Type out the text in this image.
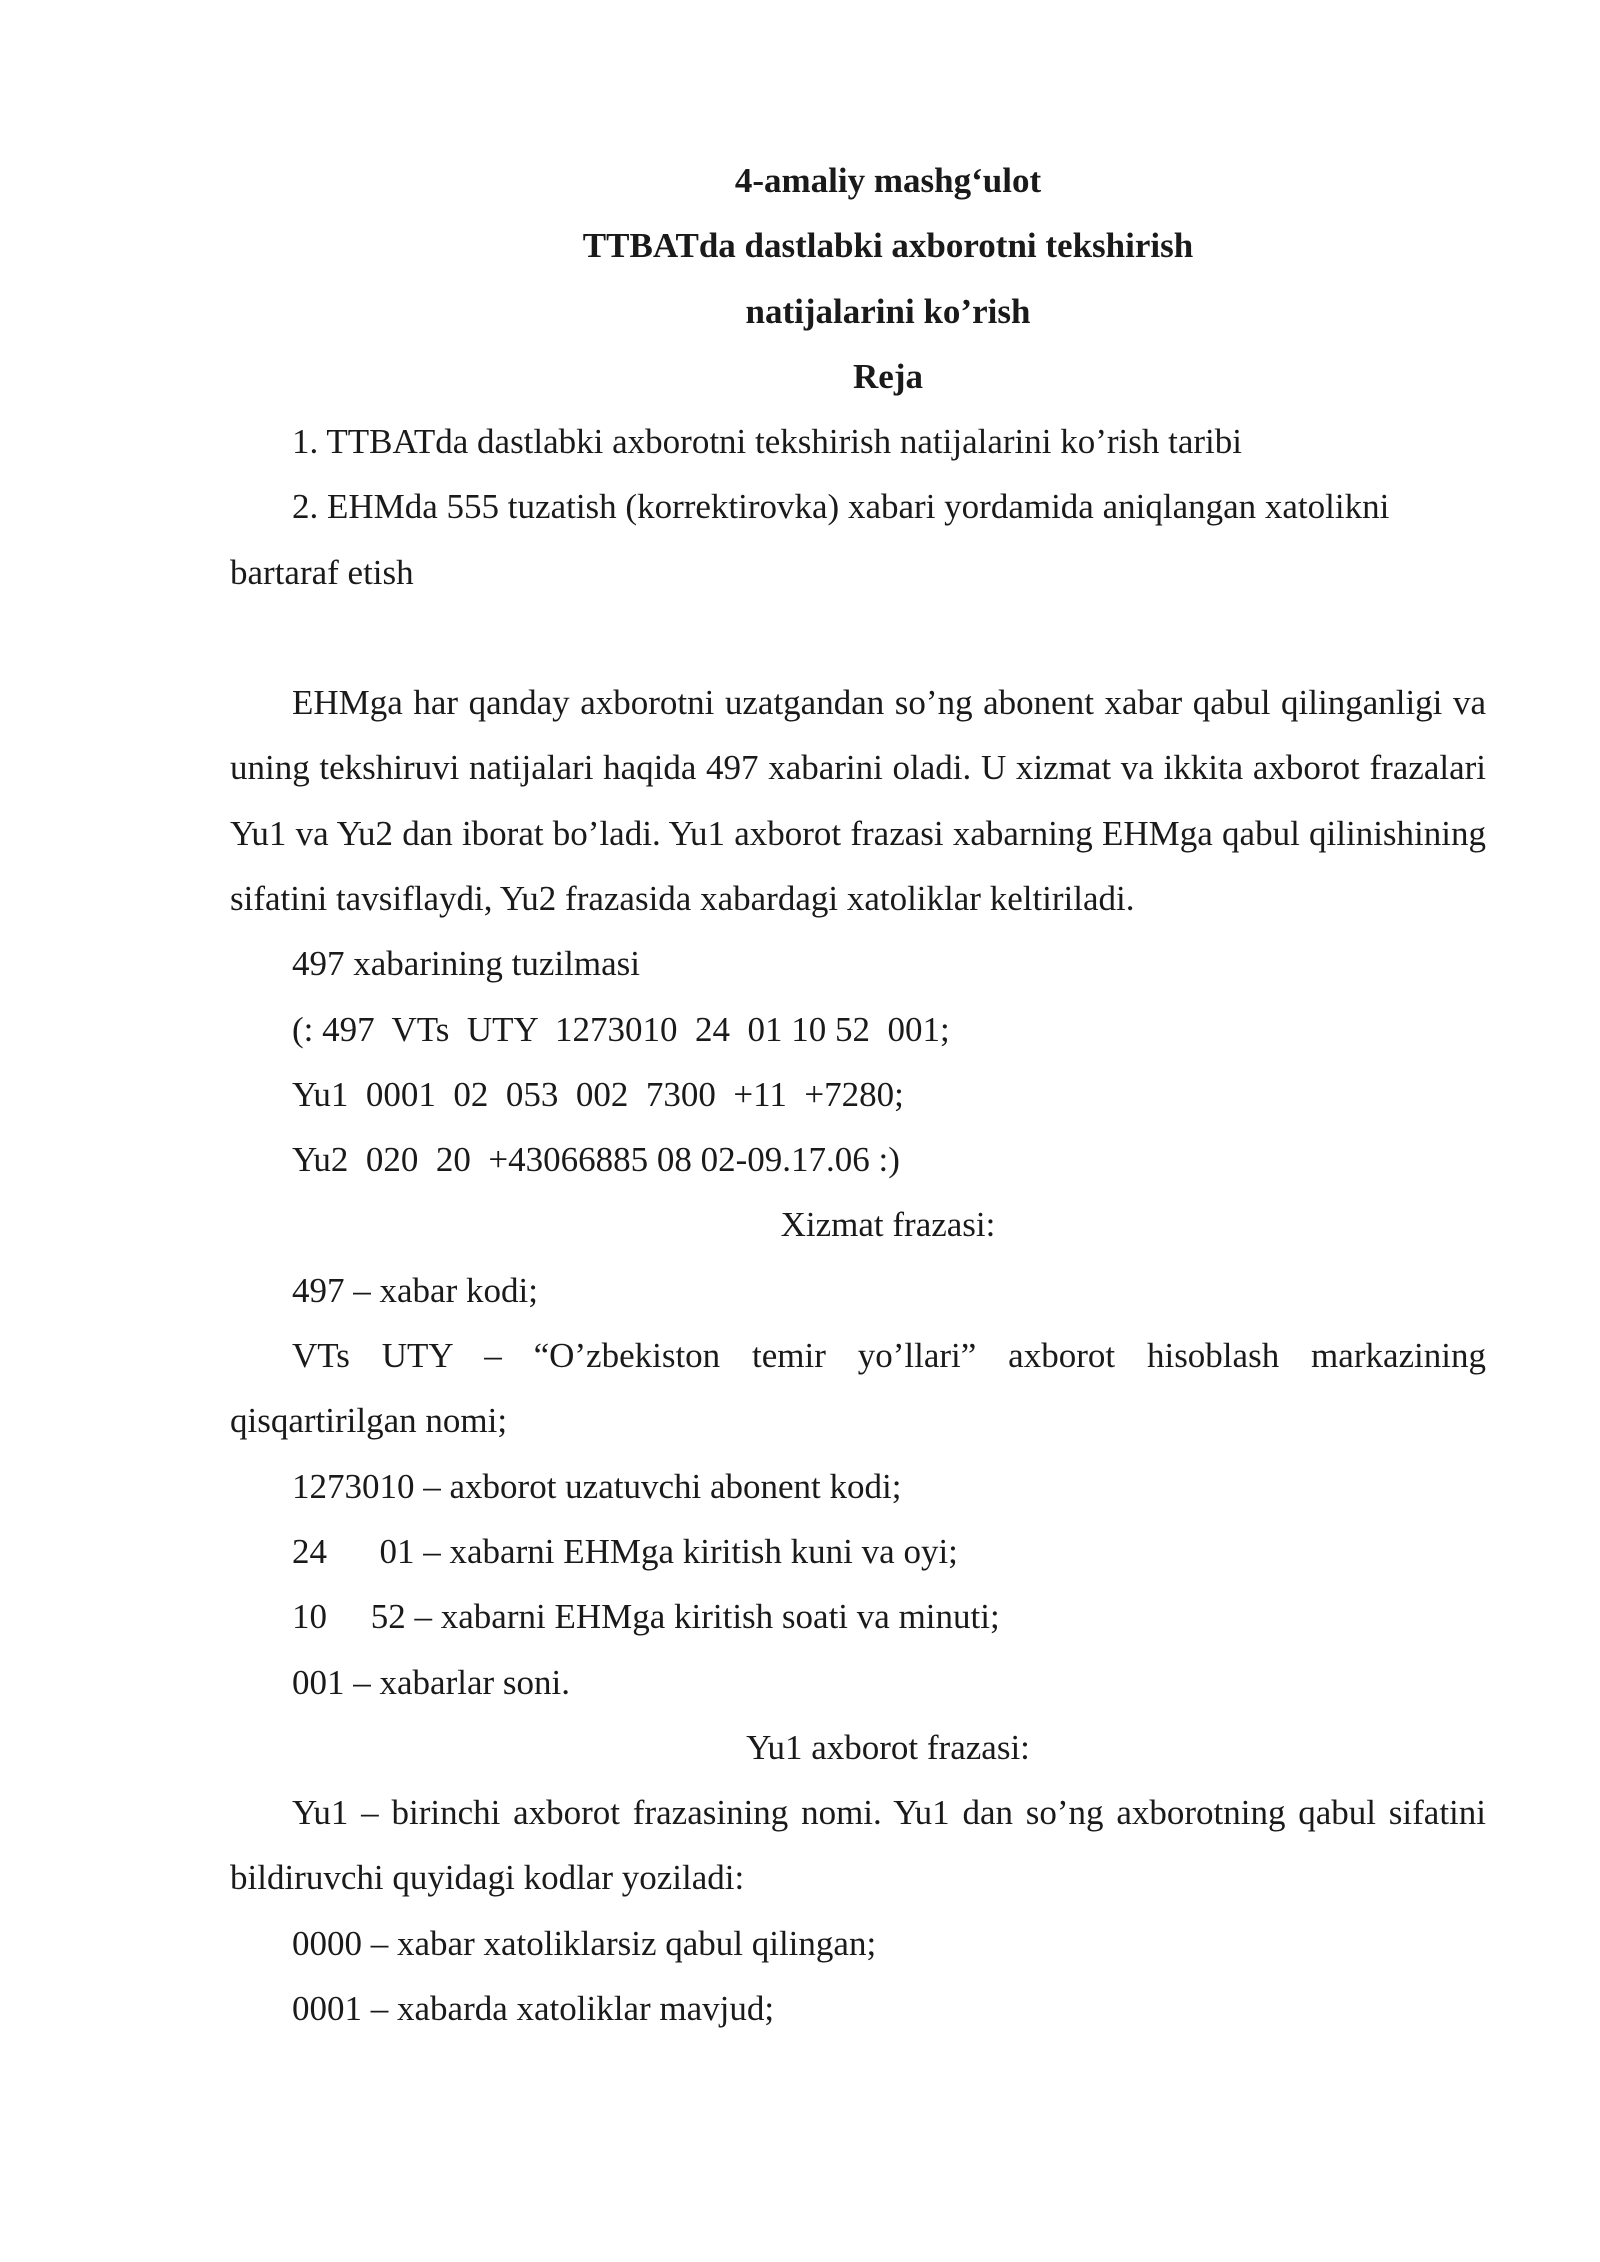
4-amaliy mashg‘ulot

TTBATda dastlabki axborotni tekshirish

natijalarini ko’rish

Reja

1. TTBATda dastlabki axborotni tekshirish natijalarini ko’rish taribi

2. EHMda 555 tuzatish (korrektirovka) xabari yordamida aniqlangan xatolikni bartaraf etish

EHMga har qanday axborotni uzatgandan so’ng abonent xabar qabul qilinganligi va uning tekshiruvi natijalari haqida 497 xabarini oladi. U xizmat va ikkita axborot frazalari Yu1 va Yu2 dan iborat bo’ladi. Yu1 axborot frazasi xabarning EHMga qabul qilinishining sifatini tavsiflaydi, Yu2 frazasida xabardagi xatoliklar keltiriladi.

497 xabarining tuzilmasi

(: 497  VTs  UTY  1273010  24  01 10 52  001;

Yu1  0001  02  053  002  7300  +11  +7280;

Yu2  020  20  +43066885 08 02-09.17.06 :)

Xizmat frazasi:

497 – xabar kodi;

VTs UTY – “O’zbekiston temir yo’llari” axborot hisoblash markazining qisqartirilgan nomi;

1273010 – axborot uzatuvchi abonent kodi;

24      01 – xabarni EHMga kiritish kuni va oyi;

10     52 – xabarni EHMga kiritish soati va minuti;

001 – xabarlar soni.

Yu1 axborot frazasi:

Yu1 – birinchi axborot frazasining nomi. Yu1 dan so’ng axborotning qabul sifatini bildiruvchi quyidagi kodlar yoziladi:

0000 – xabar xatoliklarsiz qabul qilingan;

0001 – xabarda xatoliklar mavjud;
